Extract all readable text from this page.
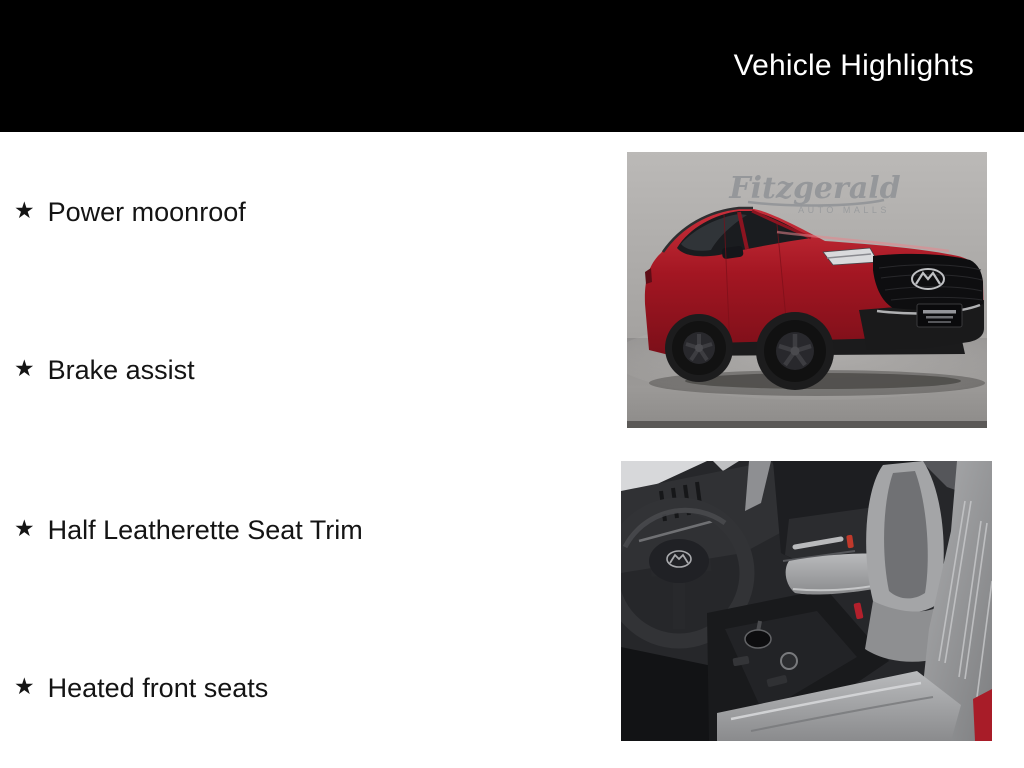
Vehicle Highlights
★ Power moonroof
★ Brake assist
★ Half Leatherette Seat Trim
★ Heated front seats
Fitzgerald
AUTO MALLS
